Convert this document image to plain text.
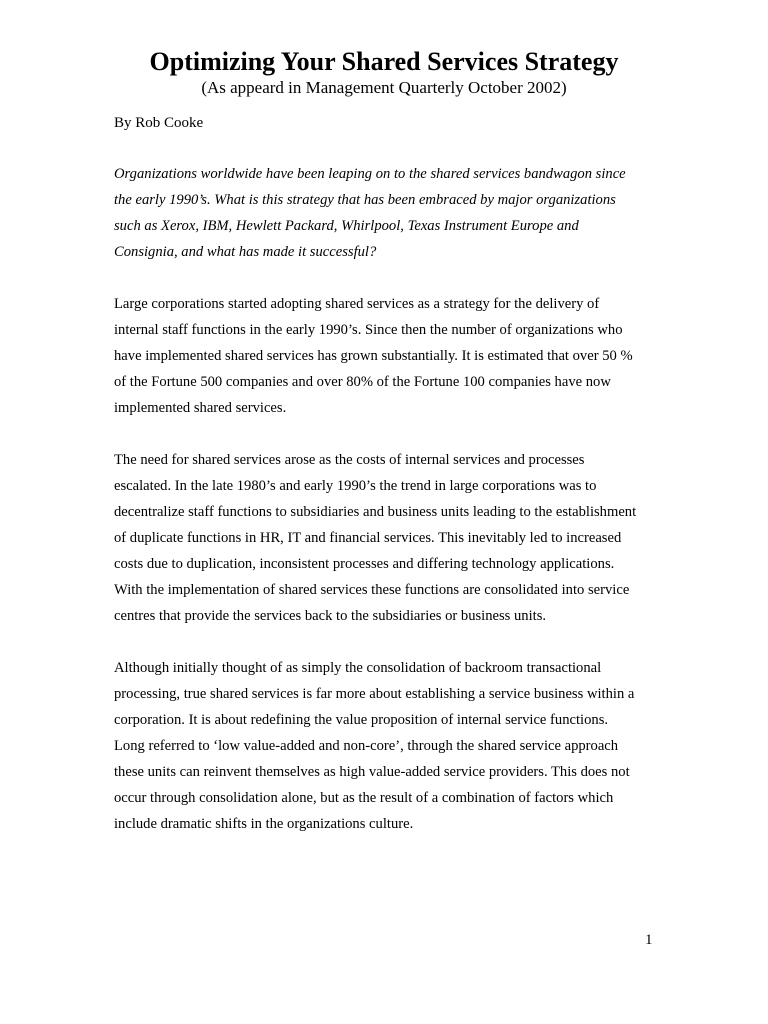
Optimizing Your Shared Services Strategy

(As appeard in Management Quarterly October 2002)

By Rob Cooke

Organizations worldwide have been leaping on to the shared services bandwagon since
the early 1990’s. What is this strategy that has been embraced by major organizations
such as Xerox, IBM, Hewlett Packard, Whirlpool, Texas Instrument Europe and
Consignia, and what has made it successful?
Large corporations started adopting shared services as a strategy for the delivery of
internal staff functions in the early 1990’s. Since then the number of organizations who
have implemented shared services has grown substantially. It is estimated that over 50 %
of the Fortune 500 companies and over 80% of the Fortune 100 companies have now
implemented shared services.
The need for shared services arose as the costs of internal services and processes
escalated. In the late 1980’s and early 1990’s the trend in large corporations was to
decentralize staff functions to subsidiaries and business units leading to the establishment
of duplicate functions in HR, IT and financial services. This inevitably led to increased
costs due to duplication, inconsistent processes and differing technology applications.
With the implementation of shared services these functions are consolidated into service
centres that provide the services back to the subsidiaries or business units.
Although initially thought of as simply the consolidation of backroom transactional
processing, true shared services is far more about establishing a service business within a
corporation. It is about redefining the value proposition of internal service functions.
Long referred to ‘low value-added and non-core’, through the shared service approach
these units can reinvent themselves as high value-added service providers. This does not
occur through consolidation alone, but as the result of a combination of factors which
include dramatic shifts in the organizations culture.

1
